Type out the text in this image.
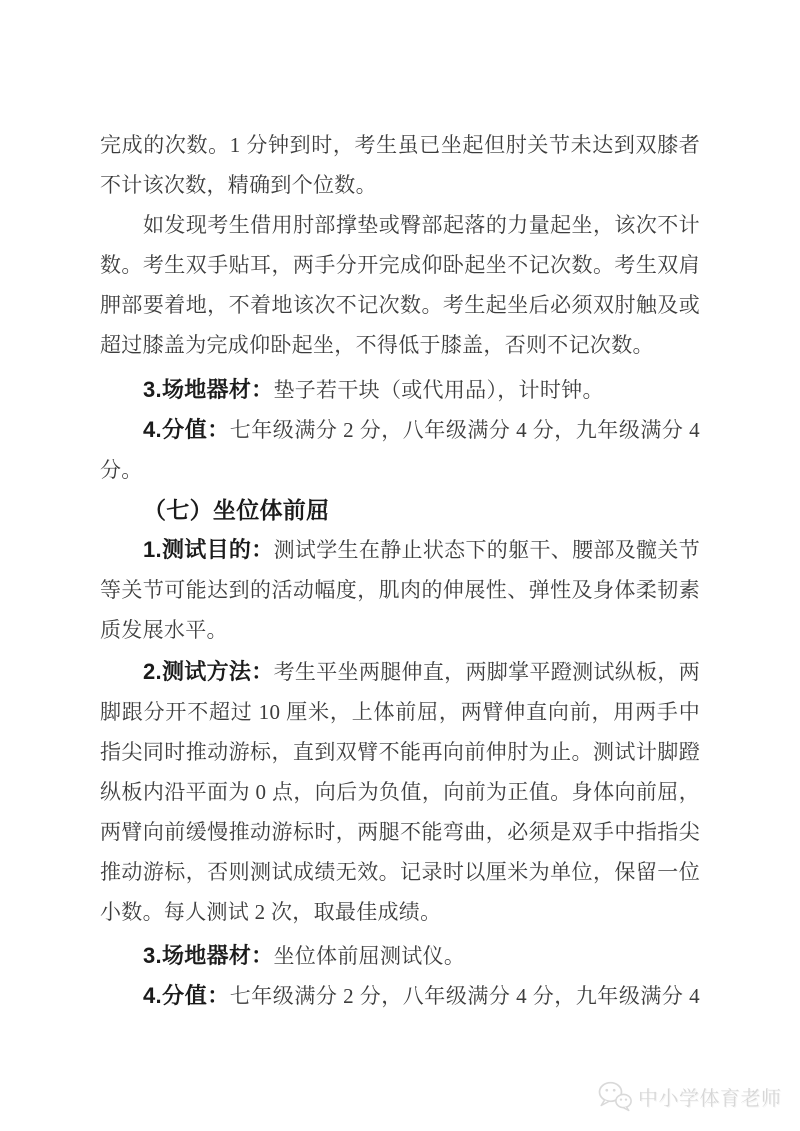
完成的次数。1 分钟到时，考生虽已坐起但肘关节未达到双膝者
不计该次数，精确到个位数。
如发现考生借用肘部撑垫或臀部起落的力量起坐，该次不计
数。考生双手贴耳，两手分开完成仰卧起坐不记次数。考生双肩
胛部要着地，不着地该次不记次数。考生起坐后必须双肘触及或
超过膝盖为完成仰卧起坐，不得低于膝盖，否则不记次数。
3.场地器材：垫子若干块（或代用品），计时钟。
4.分值：七年级满分 2 分，八年级满分 4 分，九年级满分 4
分。
（七）坐位体前屈
1.测试目的：测试学生在静止状态下的躯干、腰部及髋关节
等关节可能达到的活动幅度，肌肉的伸展性、弹性及身体柔韧素
质发展水平。
2.测试方法：考生平坐两腿伸直，两脚掌平蹬测试纵板，两
脚跟分开不超过 10 厘米，上体前屈，两臂伸直向前，用两手中
指尖同时推动游标，直到双臂不能再向前伸肘为止。测试计脚蹬
纵板内沿平面为 0 点，向后为负值，向前为正值。身体向前屈，
两臂向前缓慢推动游标时，两腿不能弯曲，必须是双手中指指尖
推动游标，否则测试成绩无效。记录时以厘米为单位，保留一位
小数。每人测试 2 次，取最佳成绩。
3.场地器材：坐位体前屈测试仪。
4.分值：七年级满分 2 分，八年级满分 4 分，九年级满分 4
中小学体育老师
